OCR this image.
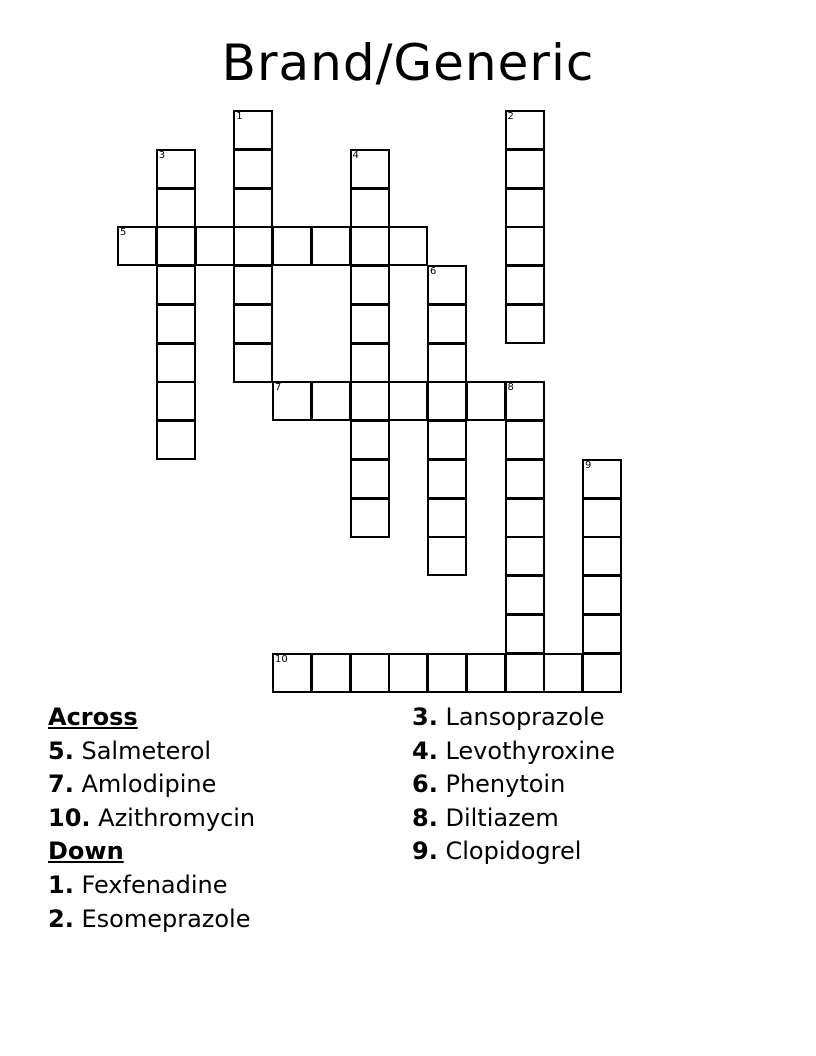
Brand/Generic
1	2
3	4
5
6
7	8
9
10
Across
5. Salmeterol
7. Amlodipine
10. Azithromycin
Down
1. Fexfenadine
2. Esomeprazole
3. Lansoprazole
4. Levothyroxine
6. Phenytoin
8. Diltiazem
9. Clopidogrel
